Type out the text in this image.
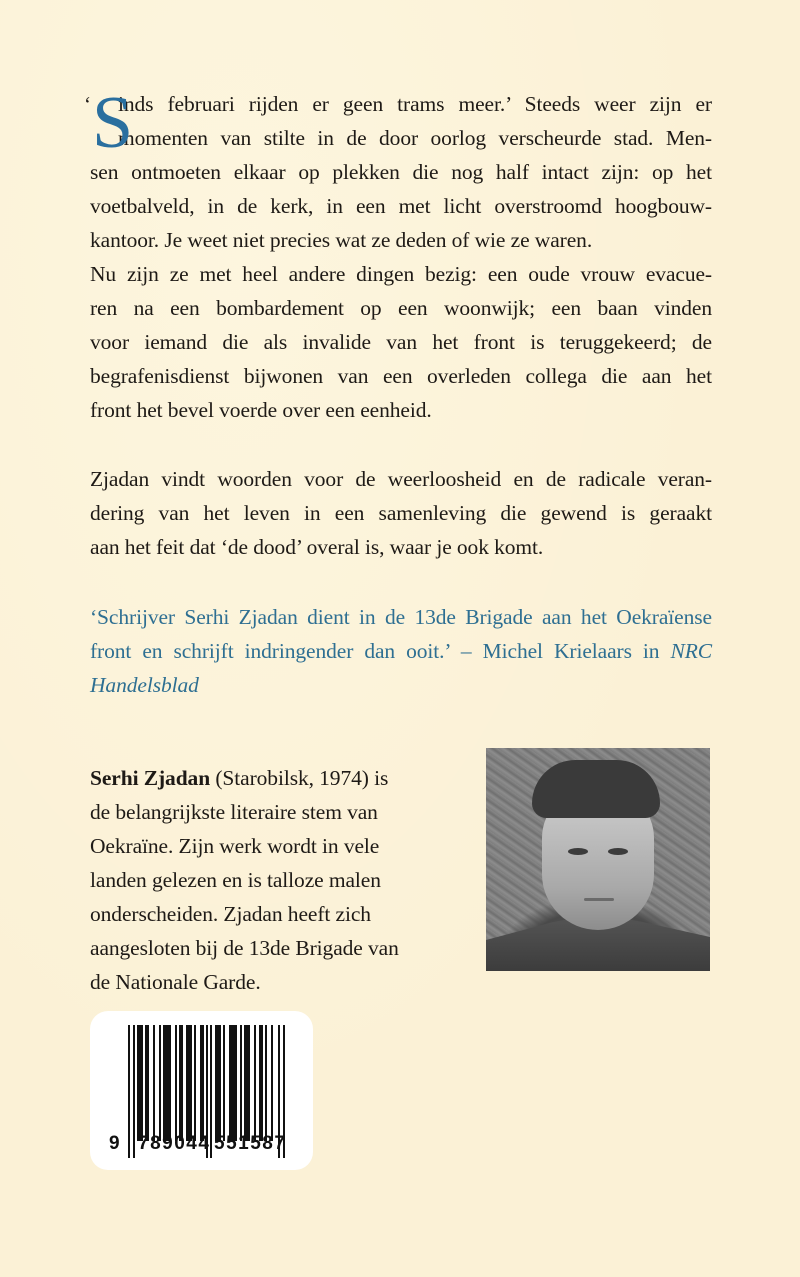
‘ S
inds februari rijden er geen trams meer.’ Steeds weer zijn er
momenten van stilte in de door oorlog verscheurde stad. Men-
sen ontmoeten elkaar op plekken die nog half intact zijn: op het
voetbalveld, in de kerk, in een met licht overstroomd hoogbouw-
kantoor. Je weet niet precies wat ze deden of wie ze waren.
Nu zijn ze met heel andere dingen bezig: een oude vrouw evacue-
ren na een bombardement op een woonwijk; een baan vinden
voor iemand die als invalide van het front is teruggekeerd; de
begrafenisdienst bijwonen van een overleden collega die aan het
front het bevel voerde over een eenheid.
Zjadan vindt woorden voor de weerloosheid en de radicale veran-
dering van het leven in een samenleving die gewend is geraakt
aan het feit dat ‘de dood’ overal is, waar je ook komt.
‘Schrijver Serhi Zjadan dient in de 13de Brigade aan het Oekraïense
front en schrijft indringender dan ooit.’ – Michel Krielaars in NRC
Handelsblad
Serhi Zjadan (Starobilsk, 1974) is
de belangrijkste literaire stem van
Oekraïne. Zijn werk wordt in vele
landen gelezen en is talloze malen
onderscheiden. Zjadan heeft zich
aangesloten bij de 13de Brigade van
de Nationale Garde.
9 789044 551587
